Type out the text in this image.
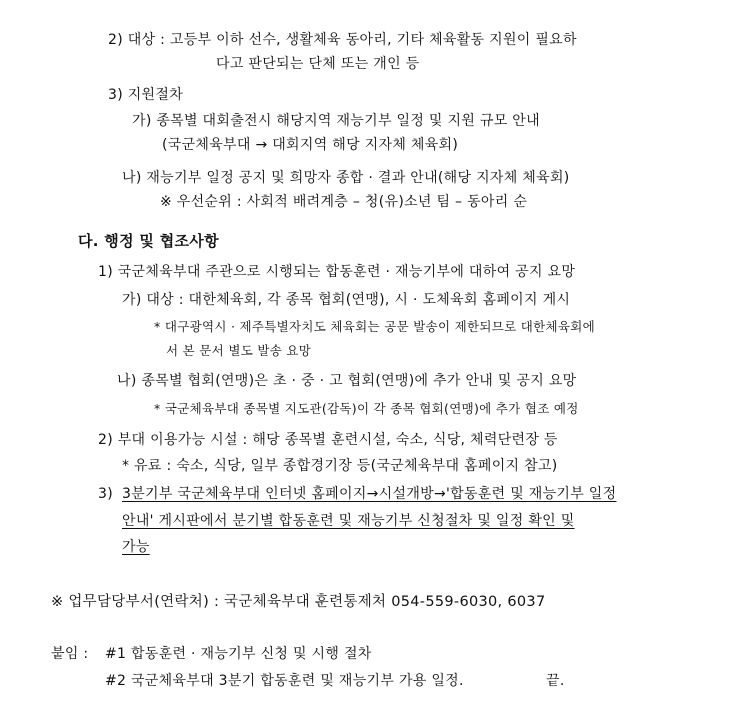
2) 대상 : 고등부 이하 선수, 생활체육 동아리, 기타 체육활동 지원이 필요하
다고 판단되는 단체 또는 개인 등
3) 지원절차
가) 종목별 대회출전시 해당지역 재능기부 일정 및 지원 규모 안내
(국군체육부대 → 대회지역 해당 지자체 체육회)
나) 재능기부 일정 공지 및 희망자 종합 · 결과 안내(해당 지자체 체육회)
※ 우선순위 : 사회적 배려계층 – 청(유)소년 팀 – 동아리 순
다. 행정 및 협조사항
1) 국군체육부대 주관으로 시행되는 합동훈련 · 재능기부에 대하여 공지 요망
가) 대상 : 대한체육회, 각 종목 협회(연맹), 시 · 도체육회 홈페이지 게시
* 대구광역시 · 제주특별자치도 체육회는 공문 발송이 제한되므로 대한체육회에
서 본 문서 별도 발송 요망
나) 종목별 협회(연맹)은 초 · 중 · 고 협회(연맹)에 추가 안내 및 공지 요망
* 국군체육부대 종목별 지도관(감독)이 각 종목 협회(연맹)에 추가 협조 예정
2) 부대 이용가능 시설 : 해당 종목별 훈련시설, 숙소, 식당, 체력단련장 등
* 유료 : 숙소, 식당, 일부 종합경기장 등(국군체육부대 홈페이지 참고)
3) 3분기부 국군체육부대 인터넷 홈페이지→시설개방→'합동훈련 및 재능기부 일정
안내' 게시판에서 분기별 합동훈련 및 재능기부 신청절차 및 일정 확인 및
가능
※ 업무담당부서(연락처) : 국군체육부대 훈련통제처 054-559-6030, 6037
붙임 : #1 합동훈련 · 재능기부 신청 및 시행 절차
#2 국군체육부대 3분기 합동훈련 및 재능기부 가용 일정.	끝.
